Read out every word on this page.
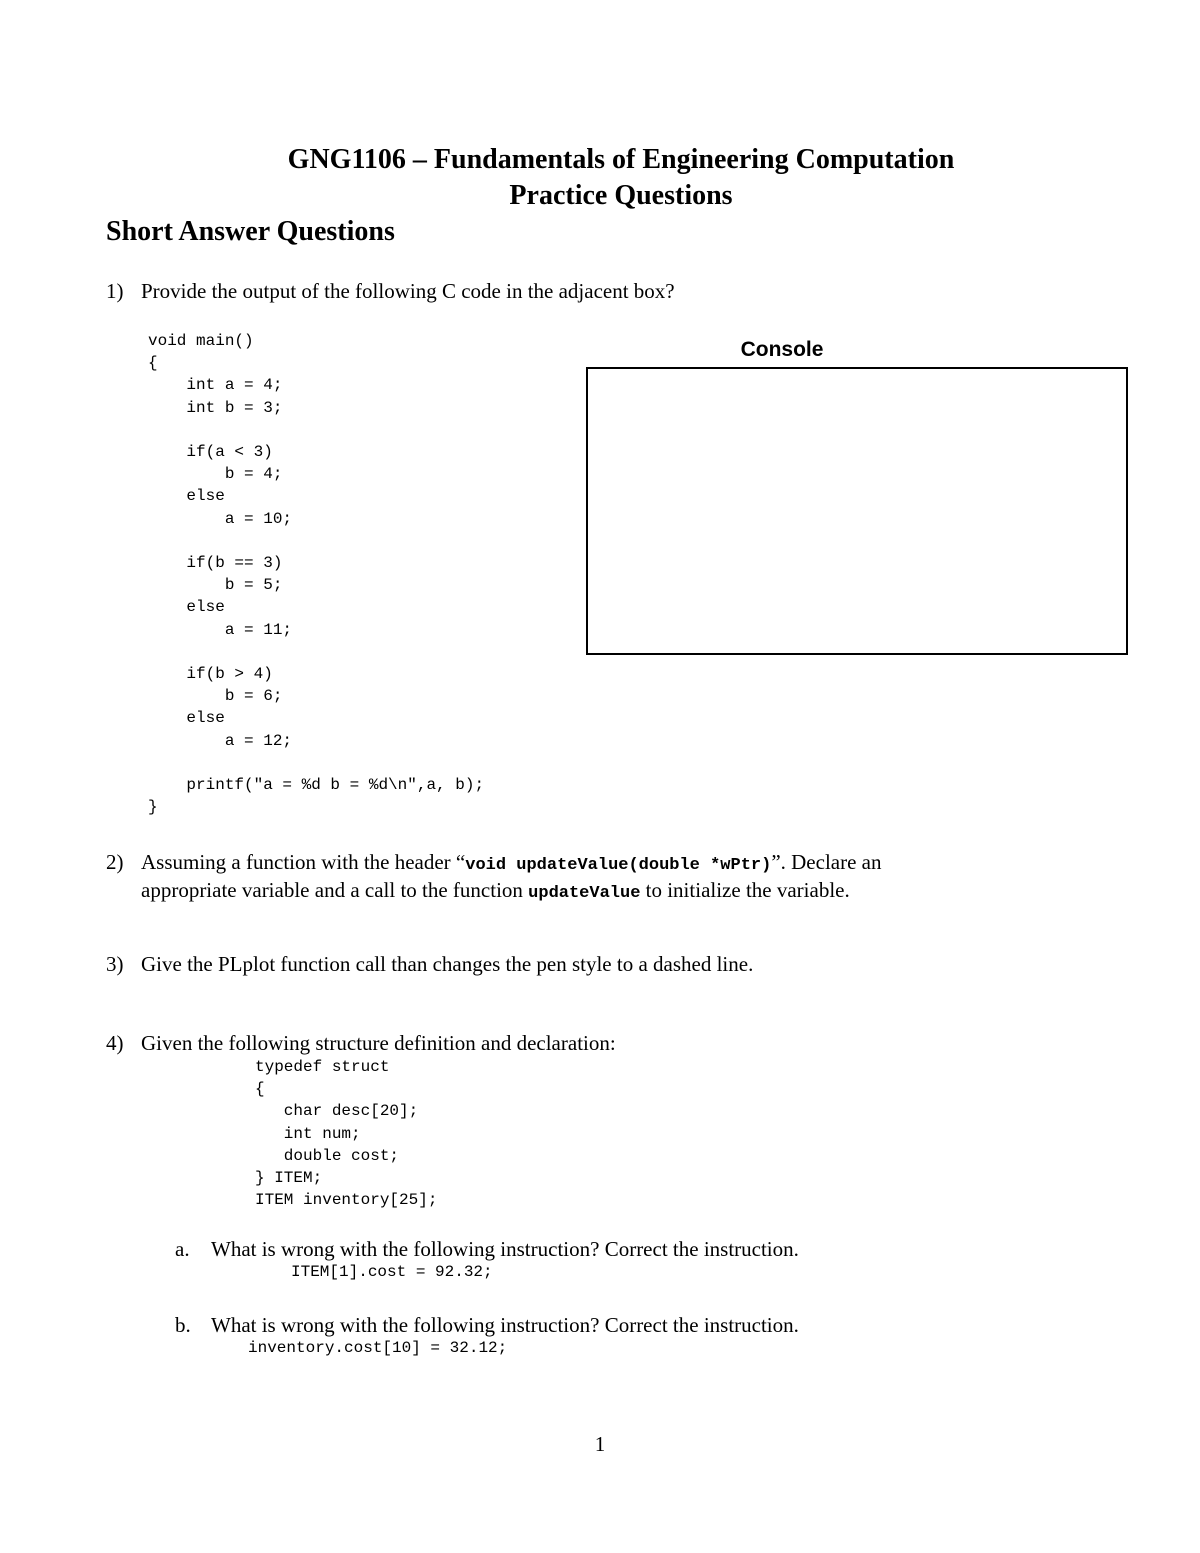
GNG1106 – Fundamentals of Engineering Computation
Practice Questions
Short Answer Questions
1) Provide the output of the following C code in the adjacent box?
void main()
{
int a = 4;
int b = 3;

if(a < 3)
b = 4;
else
a = 10;

if(b == 3)
b = 5;
else
a = 11;

if(b > 4)
b = 6;
else
a = 12;

printf("a = %d b = %d\n",a, b);
}
Console
2) Assuming a function with the header “void updateValue(double *wPtr)”. Declare an
appropriate variable and a call to the function updateValue to initialize the variable.
3) Give the PLplot function call than changes the pen style to a dashed line.
4) Given the following structure definition and declaration:
typedef struct
{
char desc[20];
int num;
double cost;
} ITEM;
ITEM inventory[25];
a. What is wrong with the following instruction? Correct the instruction.
ITEM[1].cost = 92.32;
b. What is wrong with the following instruction? Correct the instruction.
inventory.cost[10] = 32.12;
1
